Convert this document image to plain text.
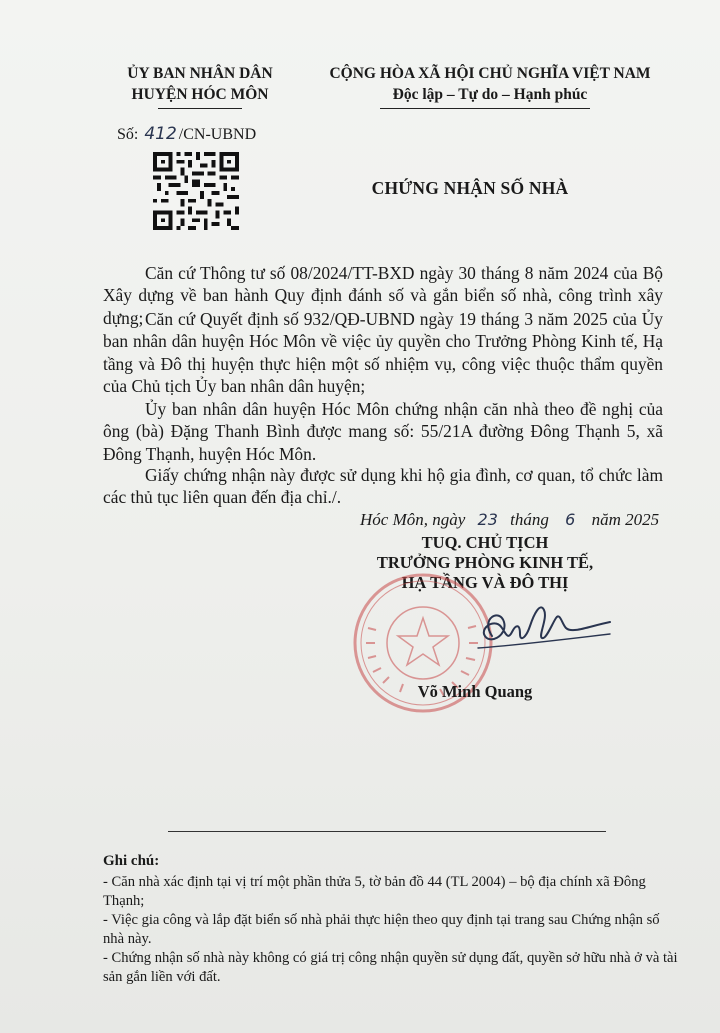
ỦY BAN NHÂN DÂN
HUYỆN HÓC MÔN
CỘNG HÒA XÃ HỘI CHỦ NGHĨA VIỆT NAM
Độc lập – Tự do – Hạnh phúc
Số: 412 /CN-UBND
CHỨNG NHẬN SỐ NHÀ
Căn cứ Thông tư số 08/2024/TT-BXD ngày 30 tháng 8 năm 2024 của Bộ Xây dựng về ban hành Quy định đánh số và gắn biển số nhà, công trình xây dựng; Căn cứ Quyết định số 932/QĐ-UBND ngày 19 tháng 3 năm 2025 của Ủy ban nhân dân huyện Hóc Môn về việc ủy quyền cho Trưởng Phòng Kinh tế, Hạ tầng và Đô thị huyện thực hiện một số nhiệm vụ, công việc thuộc thẩm quyền của Chủ tịch Ủy ban nhân dân huyện;
Ủy ban nhân dân huyện Hóc Môn chứng nhận căn nhà theo đề nghị của ông (bà) Đặng Thanh Bình được mang số: 55/21A đường Đông Thạnh 5, xã Đông Thạnh, huyện Hóc Môn.
Giấy chứng nhận này được sử dụng khi hộ gia đình, cơ quan, tổ chức làm các thủ tục liên quan đến địa chỉ./.
Hóc Môn, ngày 23 tháng 6 năm 2025
TUQ. CHỦ TỊCH
TRƯỞNG PHÒNG KINH TẾ,
HẠ TẦNG VÀ ĐÔ THỊ
Võ Minh Quang
Ghi chú:
- Căn nhà xác định tại vị trí một phần thửa 5, tờ bản đồ 44 (TL 2004) – bộ địa chính xã Đông Thạnh;
- Việc gia công và lắp đặt biển số nhà phải thực hiện theo quy định tại trang sau Chứng nhận số nhà này.
- Chứng nhận số nhà này không có giá trị công nhận quyền sử dụng đất, quyền sở hữu nhà ở và tài sản gắn liền với đất.
